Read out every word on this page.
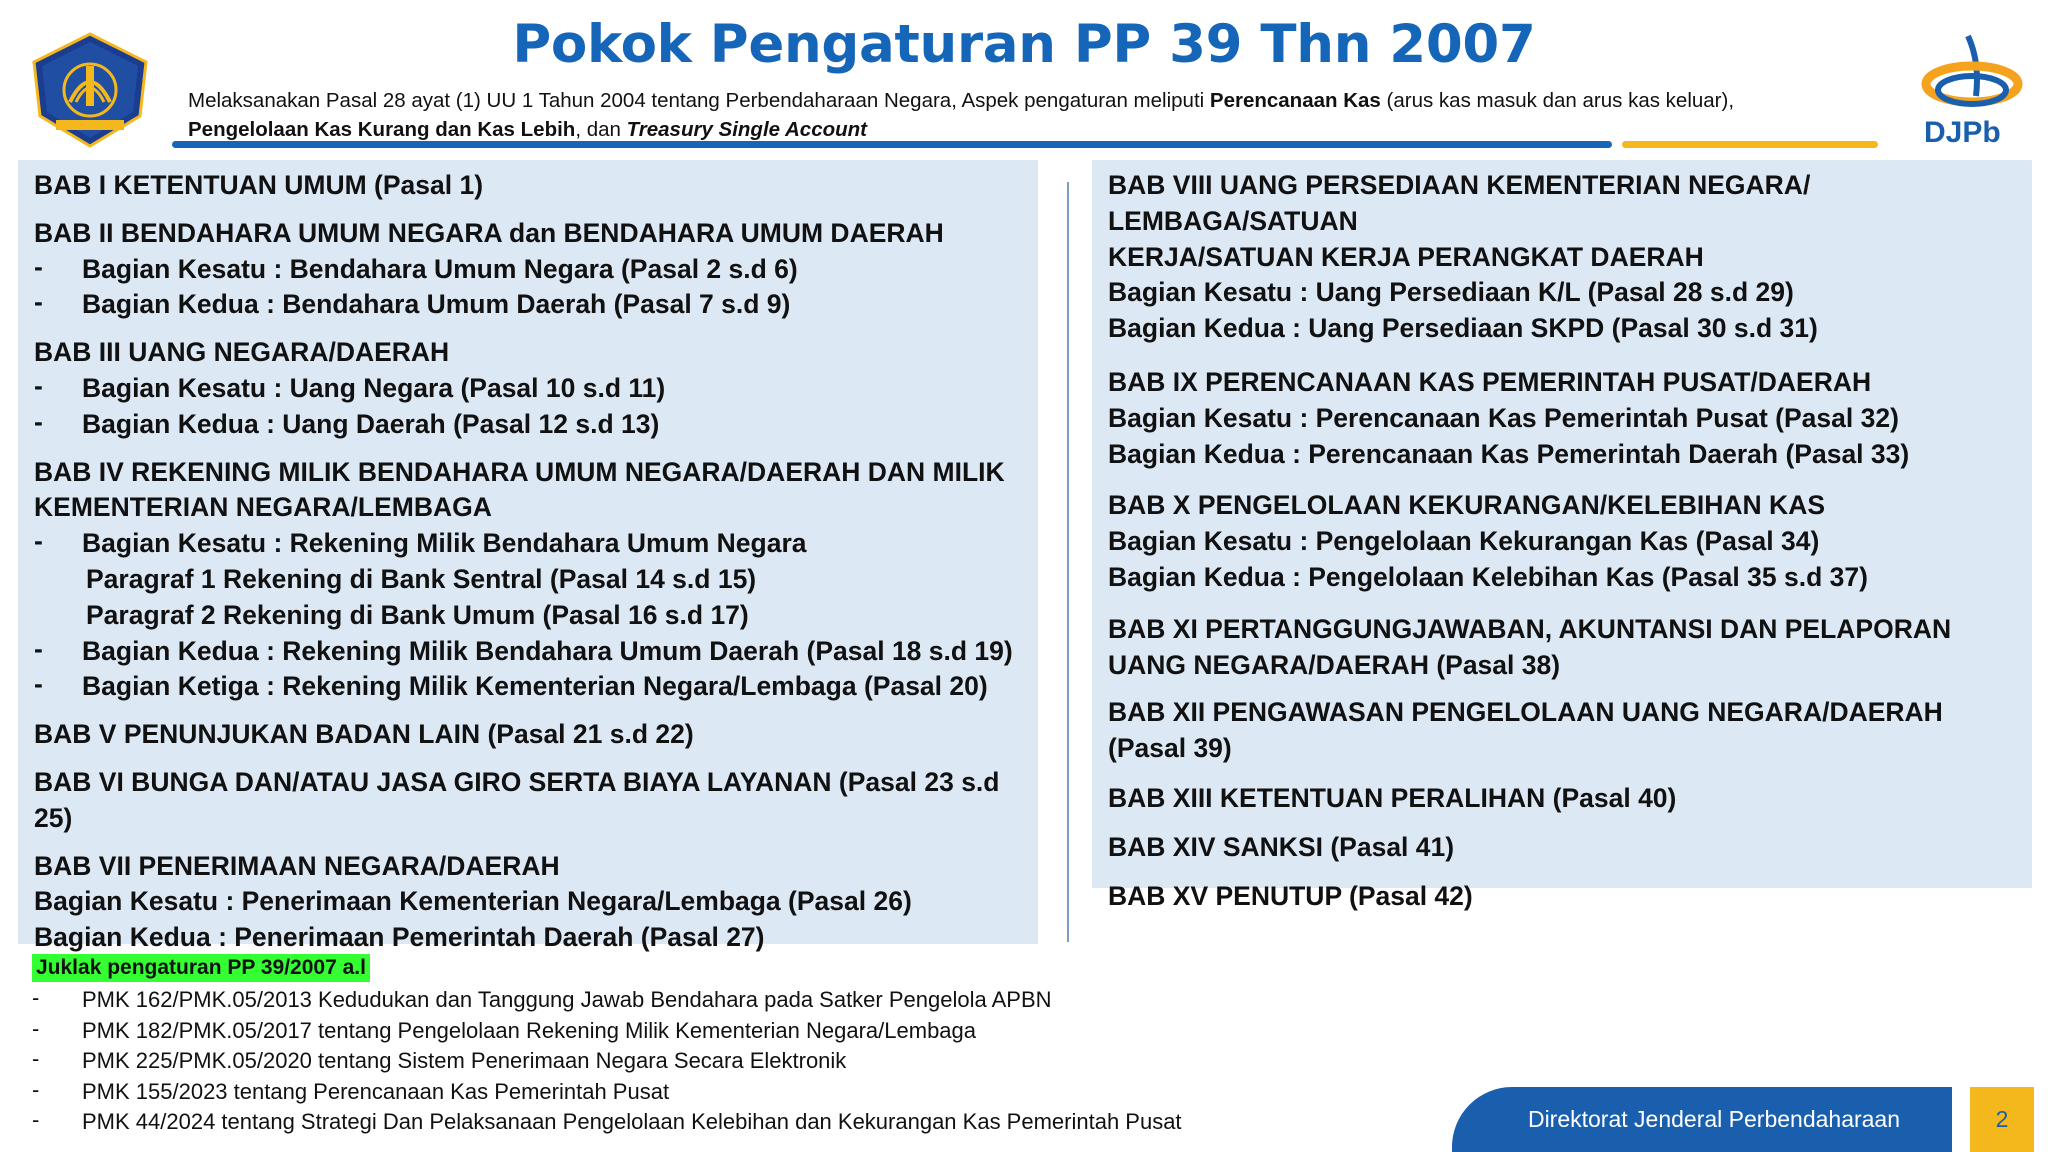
Pokok Pengaturan PP 39 Thn 2007
DJPb
Melaksanakan Pasal 28 ayat (1) UU 1 Tahun 2004 tentang Perbendaharaan Negara, Aspek pengaturan meliputi Perencanaan Kas (arus kas masuk dan arus kas keluar),
Pengelolaan Kas Kurang dan Kas Lebih, dan Treasury Single Account
BAB I KETENTUAN UMUM (Pasal 1)
BAB II BENDAHARA UMUM NEGARA dan BENDAHARA UMUM DAERAH
- Bagian Kesatu : Bendahara Umum Negara (Pasal 2 s.d 6)
- Bagian Kedua : Bendahara Umum Daerah (Pasal 7 s.d 9)
BAB III UANG NEGARA/DAERAH
- Bagian Kesatu : Uang Negara (Pasal 10 s.d 11)
- Bagian Kedua : Uang Daerah (Pasal 12 s.d 13)
BAB IV REKENING MILIK BENDAHARA UMUM NEGARA/DAERAH DAN MILIK
KEMENTERIAN NEGARA/LEMBAGA
- Bagian Kesatu : Rekening Milik Bendahara Umum Negara
Paragraf 1 Rekening di Bank Sentral (Pasal 14 s.d 15)
Paragraf 2 Rekening di Bank Umum (Pasal 16 s.d 17)
- Bagian Kedua : Rekening Milik Bendahara Umum Daerah (Pasal 18 s.d 19)
- Bagian Ketiga : Rekening Milik Kementerian Negara/Lembaga (Pasal 20)
BAB V PENUNJUKAN BADAN LAIN (Pasal 21 s.d 22)
BAB VI BUNGA DAN/ATAU JASA GIRO SERTA BIAYA LAYANAN (Pasal 23 s.d 25)
BAB VII PENERIMAAN NEGARA/DAERAH
Bagian Kesatu : Penerimaan Kementerian Negara/Lembaga (Pasal 26)
Bagian Kedua : Penerimaan Pemerintah Daerah (Pasal 27)
BAB VIII UANG PERSEDIAAN KEMENTERIAN NEGARA/ LEMBAGA/SATUAN
KERJA/SATUAN KERJA PERANGKAT DAERAH
Bagian Kesatu : Uang Persediaan K/L (Pasal 28 s.d 29)
Bagian Kedua : Uang Persediaan SKPD (Pasal 30 s.d 31)
BAB IX PERENCANAAN KAS PEMERINTAH PUSAT/DAERAH
Bagian Kesatu : Perencanaan Kas Pemerintah Pusat (Pasal 32)
Bagian Kedua : Perencanaan Kas Pemerintah Daerah (Pasal 33)
BAB X PENGELOLAAN KEKURANGAN/KELEBIHAN KAS
Bagian Kesatu : Pengelolaan Kekurangan Kas (Pasal 34)
Bagian Kedua : Pengelolaan Kelebihan Kas (Pasal 35 s.d 37)
BAB XI PERTANGGUNGJAWABAN, AKUNTANSI DAN PELAPORAN
UANG NEGARA/DAERAH (Pasal 38)
BAB XII PENGAWASAN PENGELOLAAN UANG NEGARA/DAERAH
(Pasal 39)
BAB XIII KETENTUAN PERALIHAN (Pasal 40)
BAB XIV SANKSI (Pasal 41)
BAB XV PENUTUP (Pasal 42)
Juklak pengaturan PP 39/2007 a.l
- PMK 162/PMK.05/2013 Kedudukan dan Tanggung Jawab Bendahara pada Satker Pengelola APBN
- PMK 182/PMK.05/2017 tentang Pengelolaan Rekening Milik Kementerian Negara/Lembaga
- PMK 225/PMK.05/2020 tentang Sistem Penerimaan Negara Secara Elektronik
- PMK 155/2023 tentang Perencanaan Kas Pemerintah Pusat
- PMK 44/2024 tentang Strategi Dan Pelaksanaan Pengelolaan Kelebihan dan Kekurangan Kas Pemerintah Pusat	Direktorat Jenderal Perbendaharaan	2
